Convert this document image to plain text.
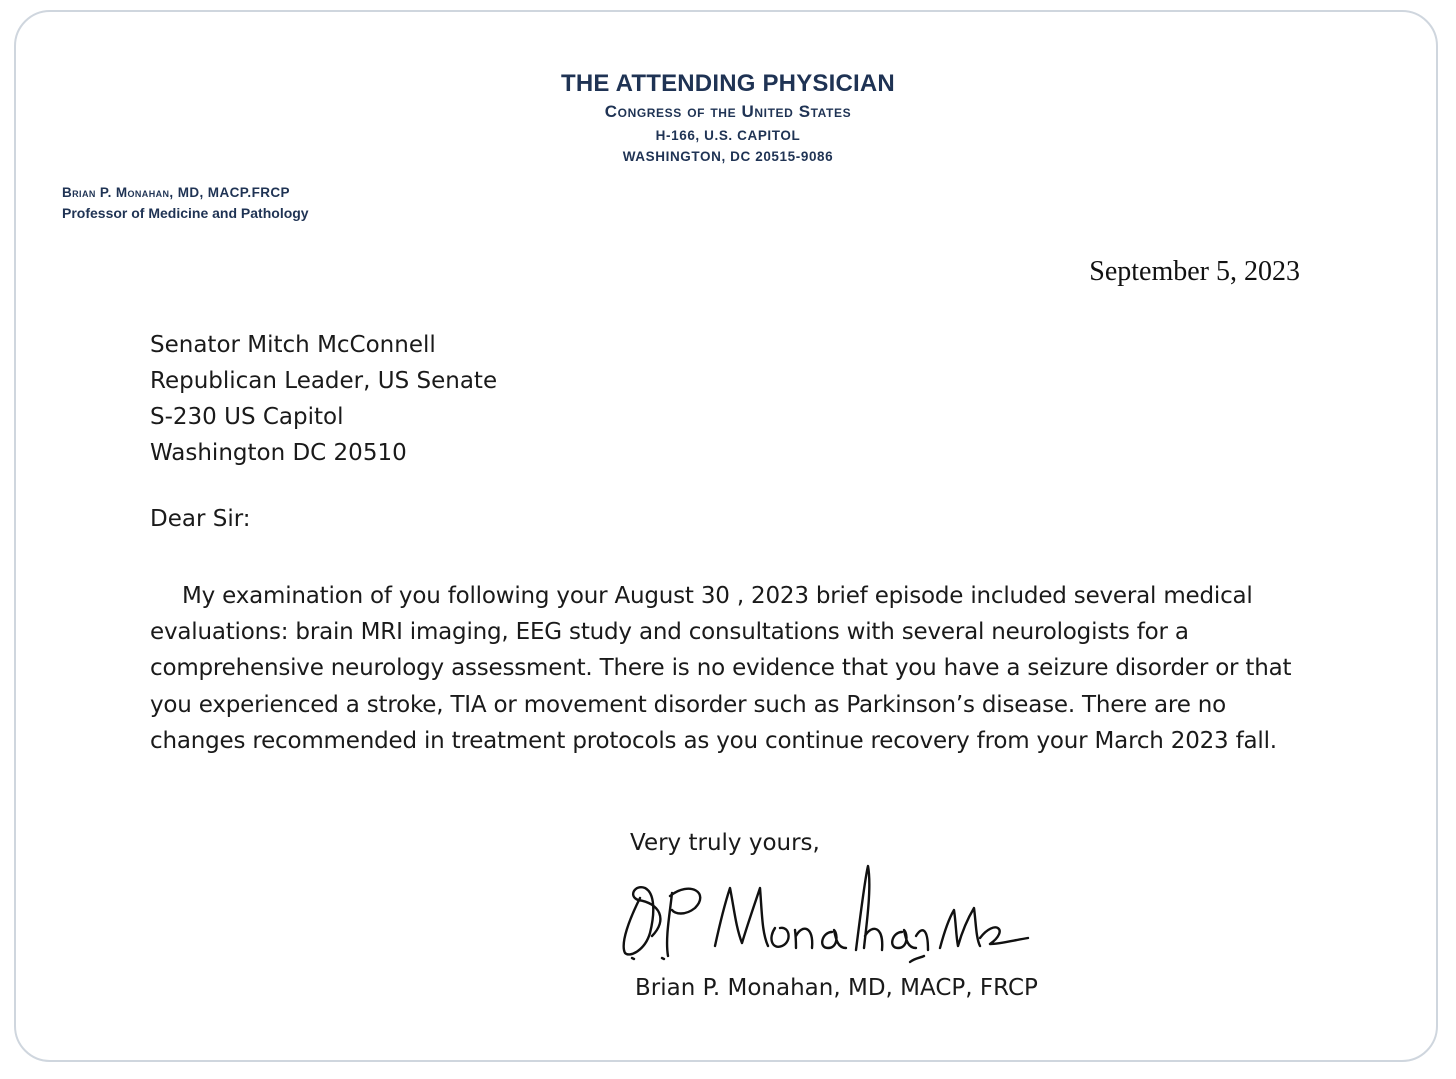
THE ATTENDING PHYSICIAN
Congress of the United States
H-166, U.S. CAPITOL
WASHINGTON, DC 20515-9086
Brian P. Monahan, MD, MACP.FRCP
Professor of Medicine and Pathology
September 5, 2023
Senator Mitch McConnell
Republican Leader, US Senate
S-230 US Capitol
Washington DC 20510
Dear Sir:
My examination of you following your August 30 , 2023 brief episode included several medical evaluations: brain MRI imaging, EEG study and consultations with several neurologists for a comprehensive neurology assessment. There is no evidence that you have a seizure disorder or that you experienced a stroke, TIA or movement disorder such as Parkinson’s disease. There are no changes recommended in treatment protocols as you continue recovery from your March 2023 fall.
Very truly yours,
Brian P. Monahan, MD, MACP, FRCP
